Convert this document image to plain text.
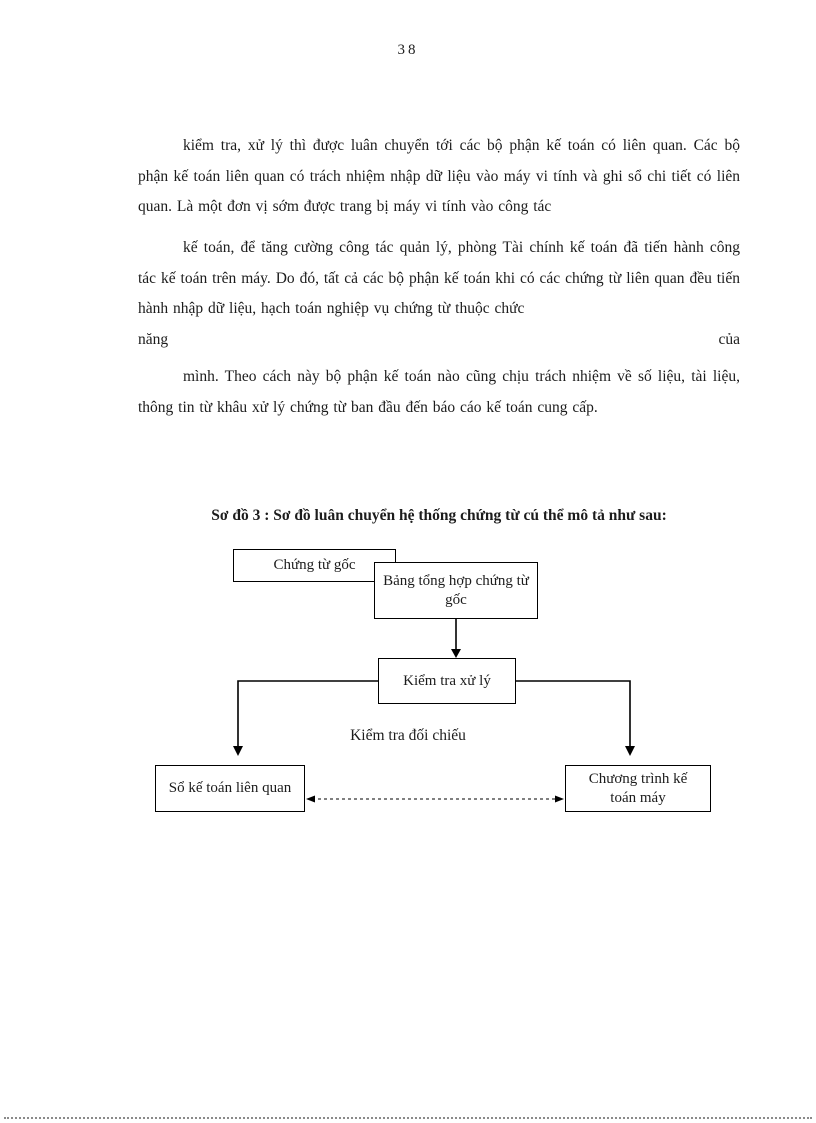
38
kiểm tra, xử lý thì được luân chuyển tới các bộ phận kế toán có liên quan. Các bộ phận kế toán liên quan có trách nhiệm nhập dữ liệu vào máy vi tính và ghi sổ chi tiết có liên quan. Là một đơn vị sớm được trang bị máy vi tính vào công tác
kế toán, để tăng cường công tác quản lý, phòng Tài chính kế toán đã tiến hành công tác kế toán trên máy. Do đó, tất cả các bộ phận kế toán khi có các chứng từ liên quan đều tiến hành nhập dữ liệu, hạch toán nghiệp vụ chứng từ thuộc chức
năng	của
mình. Theo cách này bộ phận kế toán nào cũng chịu trách nhiệm về số liệu, tài liệu, thông tin từ khâu xử lý chứng từ ban đầu đến báo cáo kế toán cung cấp.
Sơ đồ 3 : Sơ đồ luân chuyển hệ thống chứng từ cú thể mô tả như sau:
Chứng từ gốc
Bảng tổng hợp chứng từ gốc
Kiểm tra xử lý
Kiểm tra đối chiếu
Sổ kế toán liên quan
Chương trình kế toán máy
